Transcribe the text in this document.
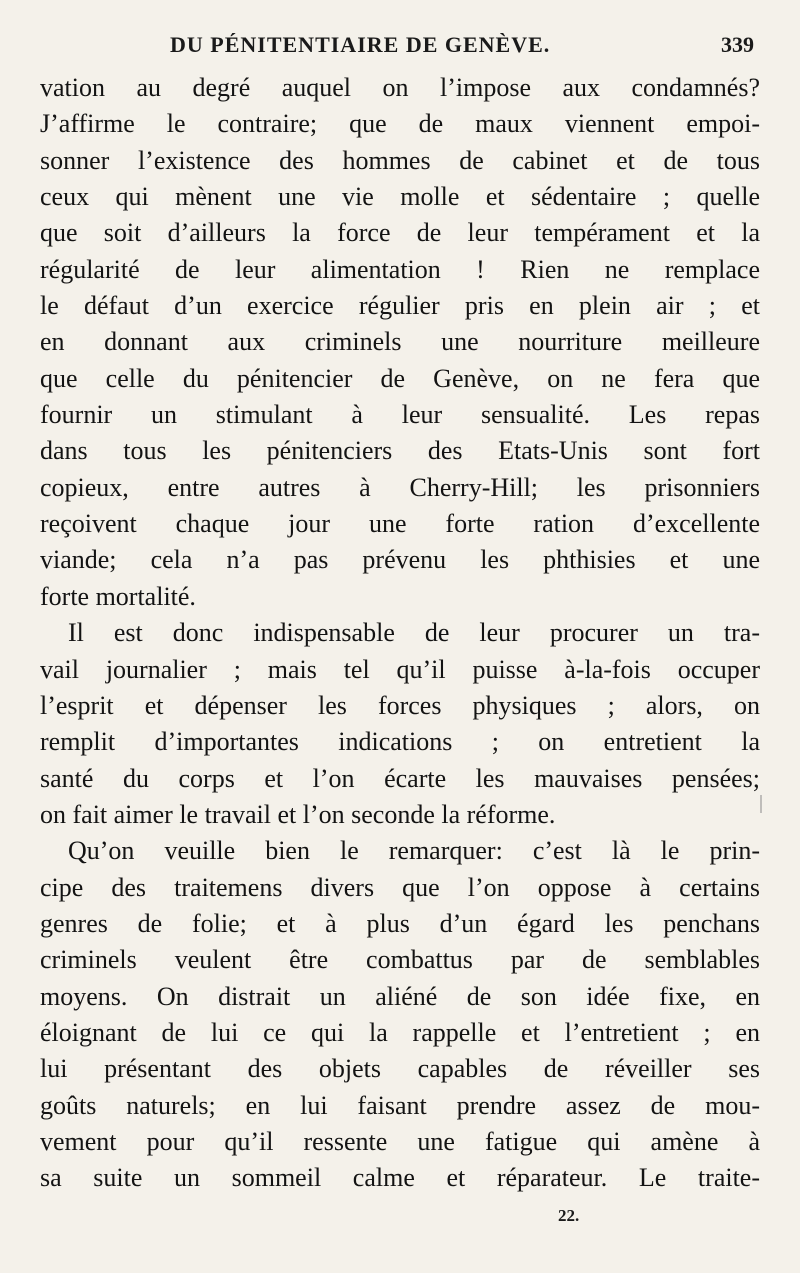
DU PÉNITENTIAIRE DE GENÈVE.	339
vation au degré auquel on l’impose aux condamnés?
J’affirme le contraire; que de maux viennent empoi-
sonner l’existence des hommes de cabinet et de tous
ceux qui mènent une vie molle et sédentaire ; quelle
que soit d’ailleurs la force de leur tempérament et la
régularité de leur alimentation ! Rien ne remplace
le défaut d’un exercice régulier pris en plein air ; et
en donnant aux criminels une nourriture meilleure
que celle du pénitencier de Genève, on ne fera que
fournir un stimulant à leur sensualité. Les repas
dans tous les pénitenciers des Etats-Unis sont fort
copieux, entre autres à Cherry-Hill; les prisonniers
reçoivent chaque jour une forte ration d’excellente
viande; cela n’a pas prévenu les phthisies et une
forte mortalité.
Il est donc indispensable de leur procurer un tra-
vail journalier ; mais tel qu’il puisse à-la-fois occuper
l’esprit et dépenser les forces physiques ; alors, on
remplit d’importantes indications ; on entretient la
santé du corps et l’on écarte les mauvaises pensées;
on fait aimer le travail et l’on seconde la réforme.
Qu’on veuille bien le remarquer: c’est là le prin-
cipe des traitemens divers que l’on oppose à certains
genres de folie; et à plus d’un égard les penchans
criminels veulent être combattus par de semblables
moyens. On distrait un aliéné de son idée fixe, en
éloignant de lui ce qui la rappelle et l’entretient ; en
lui présentant des objets capables de réveiller ses
goûts naturels; en lui faisant prendre assez de mou-
vement pour qu’il ressente une fatigue qui amène à
sa suite un sommeil calme et réparateur. Le traite-
22.
